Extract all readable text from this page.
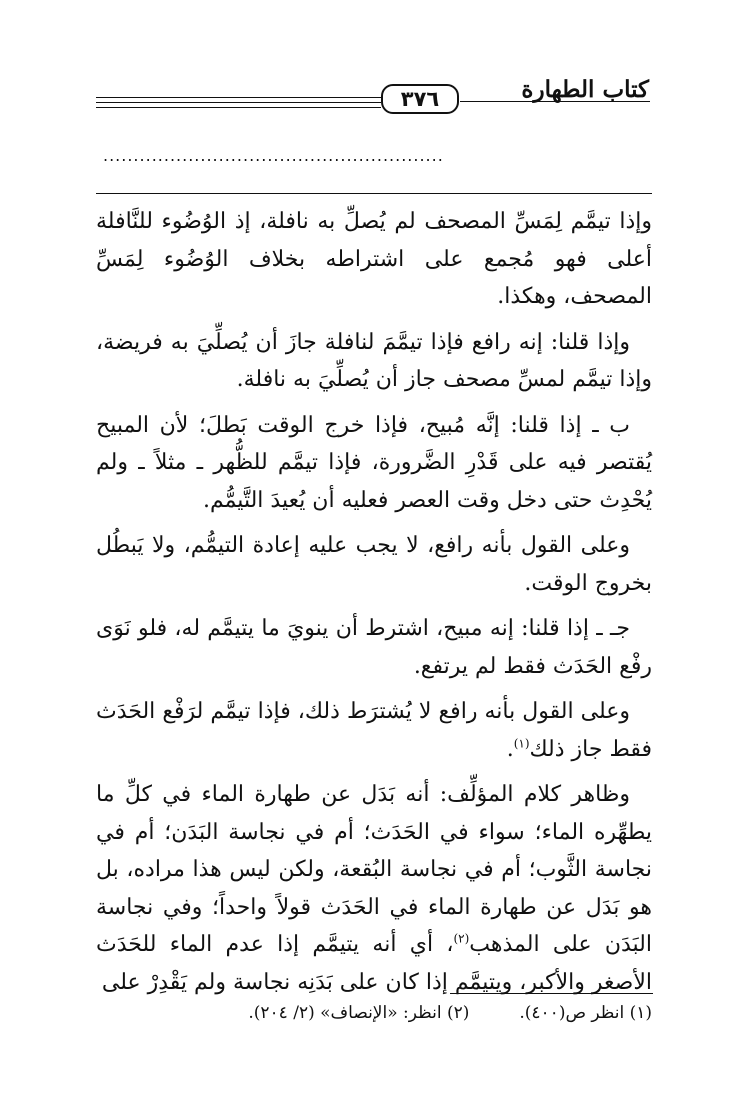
كتاب الطهارة
٣٧٦
........................................................

وإذا تيمَّم لِمَسِّ المصحف لم يُصلِّ به نافلة، إذ الوُضُوء للنَّافلة أعلى فهو مُجمع على اشتراطه بخلاف الوُضُوء لِمَسِّ المصحف، وهكذا.

وإذا قلنا: إنه رافع فإذا تيمَّمَ لنافلة جازَ أن يُصلِّيَ به فريضة، وإذا تيمَّم لمسِّ مصحف جاز أن يُصلِّيَ به نافلة.

ب ـ إذا قلنا: إنَّه مُبيح، فإذا خرج الوقت بَطلَ؛ لأن المبيح يُقتصر فيه على قَدْرِ الضَّرورة، فإذا تيمَّم للظُّهر ـ مثلاً ـ ولم يُحْدِث حتى دخل وقت العصر فعليه أن يُعيدَ التَّيمُّم.

وعلى القول بأنه رافع، لا يجب عليه إعادة التيمُّم، ولا يَبطُل بخروج الوقت.

جـ ـ إذا قلنا: إنه مبيح، اشترط أن ينويَ ما يتيمَّم له، فلو نَوَى رفْع الحَدَث فقط لم يرتفع.

وعلى القول بأنه رافع لا يُشترَط ذلك، فإذا تيمَّم لرَفْع الحَدَث فقط جاز ذلك$^{(١)}$.

وظاهر كلام المؤلِّف: أنه بَدَل عن طهارة الماء في كلِّ ما يطهِّره الماء؛ سواء في الحَدَث؛ أم في نجاسة البَدَن؛ أم في نجاسة الثَّوب؛ أم في نجاسة البُقعة، ولكن ليس هذا مراده، بل هو بَدَل عن طهارة الماء في الحَدَث قولاً واحداً؛ وفي نجاسة البَدَن على المذهب$^{(٢)}$، أي أنه يتيمَّم إذا عدم الماء للحَدَث الأصغر والأكبر، ويتيمَّم إذا كان على بَدَنِه نجاسة ولم يَقْدِرْ على

(١) انظر ص(٤٠٠).
(٢) انظر: «الإنصاف» (٢/ ٢٠٤).
